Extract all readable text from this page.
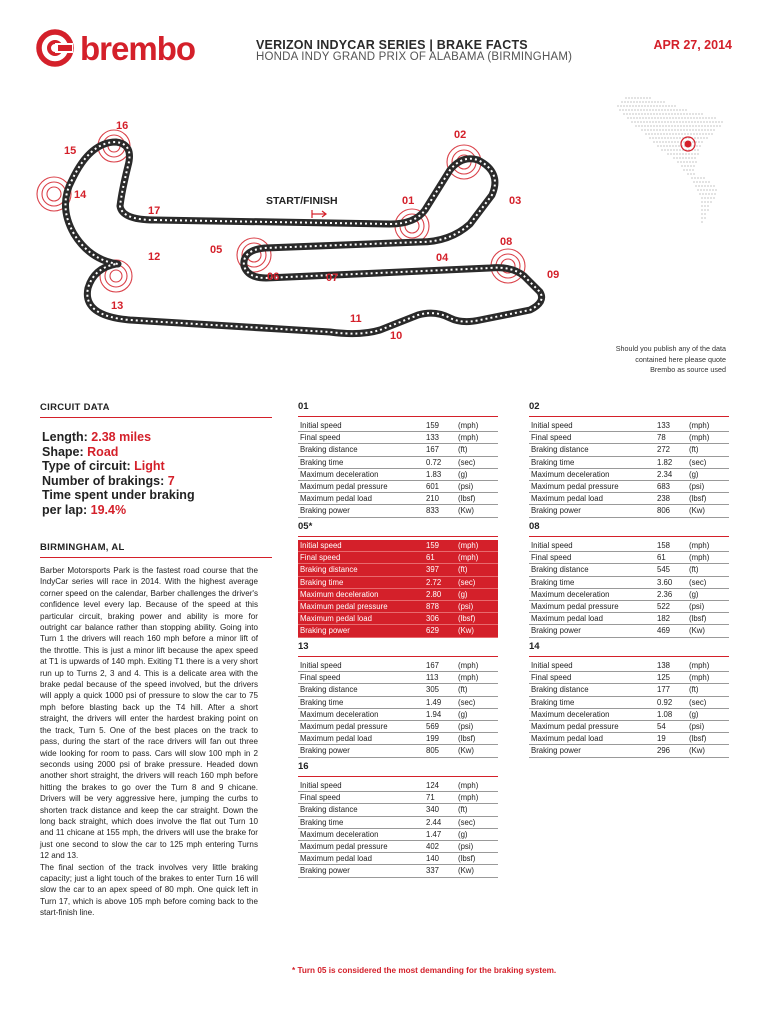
brembo	VERIZON INDYCAR SERIES | BRAKE FACTS
HONDA INDY GRAND PRIX OF ALABAMA (BIRMINGHAM)
APR 27, 2014
16
15
14
17
12
13
02
01	03
05
06	07
04
08
09
11
10
START/FINISH
Should you publish any of the data
contained here please quote
Brembo as source used
CIRCUIT DATA
Length: 2.38 miles
Shape: Road
Type of circuit: Light
Number of brakings: 7
Time spent under braking
per lap: 19.4%
BIRMINGHAM, AL

Barber Motorsports Park is the fastest road course that the IndyCar series will race in 2014. With the highest average corner speed on the calendar, Barber challenges the driver's confidence level every lap. Because of the speed at this particular circuit, braking power and ability is more for outright car balance rather than stopping ability. Going into Turn 1 the drivers will reach 160 mph before a minor lift of the throttle. This is just a minor lift because the apex speed at T1 is upwards of 140 mph. Exiting T1 there is a very short run up to Turns 2, 3 and 4. This is a delicate area with the brake pedal because of the speed involved, but the drivers will apply a quick 1000 psi of pressure to slow the car to 75 mph before blasting back up the T4 hill. After a short straight, the drivers will enter the hardest braking point on the track, Turn 5. One of the best places on the track to pass, during the start of the race drivers will fan out three wide looking for room to pass. Cars will slow 100 mph in 2 seconds using 2000 psi of brake pressure. Headed down another short straight, the drivers will reach 160 mph before hitting the brakes to go over the Turn 8 and 9 chicane. Drivers will be very aggressive here, jumping the curbs to shorten track distance and keep the car straight. Down the long back straight, which does involve the flat out Turn 10 and 11 chicane at 155 mph, the drivers will use the brake for just one second to slow the car to 125 mph entering Turns 12 and 13.

The final section of the track involves very little braking capacity; just a light touch of the brakes to enter Turn 16 will slow the car to an apex speed of 80 mph. One quick left in Turn 17, which is above 105 mph before coming back to the start-finish line.

01
Initial speed	159	(mph)
Final speed	133	(mph)
Braking distance	167	(ft)
Braking time	0.72	(sec)
Maximum deceleration	1.83	(g)
Maximum pedal pressure	601	(psi)
Maximum pedal load	210	(lbsf)
Braking power	833	(Kw)
02
Initial speed	133	(mph)
Final speed	78	(mph)
Braking distance	272	(ft)
Braking time	1.82	(sec)
Maximum deceleration	2.34	(g)
Maximum pedal pressure	683	(psi)
Maximum pedal load	238	(lbsf)
Braking power	806	(Kw)
05*
Initial speed	159	(mph)
Final speed	61	(mph)
Braking distance	397	(ft)
Braking time	2.72	(sec)
Maximum deceleration	2.80	(g)
Maximum pedal pressure	878	(psi)
Maximum pedal load	306	(lbsf)
Braking power	629	(Kw)
08
Initial speed	158	(mph)
Final speed	61	(mph)
Braking distance	545	(ft)
Braking time	3.60	(sec)
Maximum deceleration	2.36	(g)
Maximum pedal pressure	522	(psi)
Maximum pedal load	182	(lbsf)
Braking power	469	(Kw)
13
Initial speed	167	(mph)
Final speed	113	(mph)
Braking distance	305	(ft)
Braking time	1.49	(sec)
Maximum deceleration	1.94	(g)
Maximum pedal pressure	569	(psi)
Maximum pedal load	199	(lbsf)
Braking power	805	(Kw)
14
Initial speed	138	(mph)
Final speed	125	(mph)
Braking distance	177	(ft)
Braking time	0.92	(sec)
Maximum deceleration	1.08	(g)
Maximum pedal pressure	54	(psi)
Maximum pedal load	19	(lbsf)
Braking power	296	(Kw)
16
Initial speed	124	(mph)
Final speed	71	(mph)
Braking distance	340	(ft)
Braking time	2.44	(sec)
Maximum deceleration	1.47	(g)
Maximum pedal pressure	402	(psi)
Maximum pedal load	140	(lbsf)
Braking power	337	(Kw)
* Turn 05 is considered the most demanding for the braking system.
